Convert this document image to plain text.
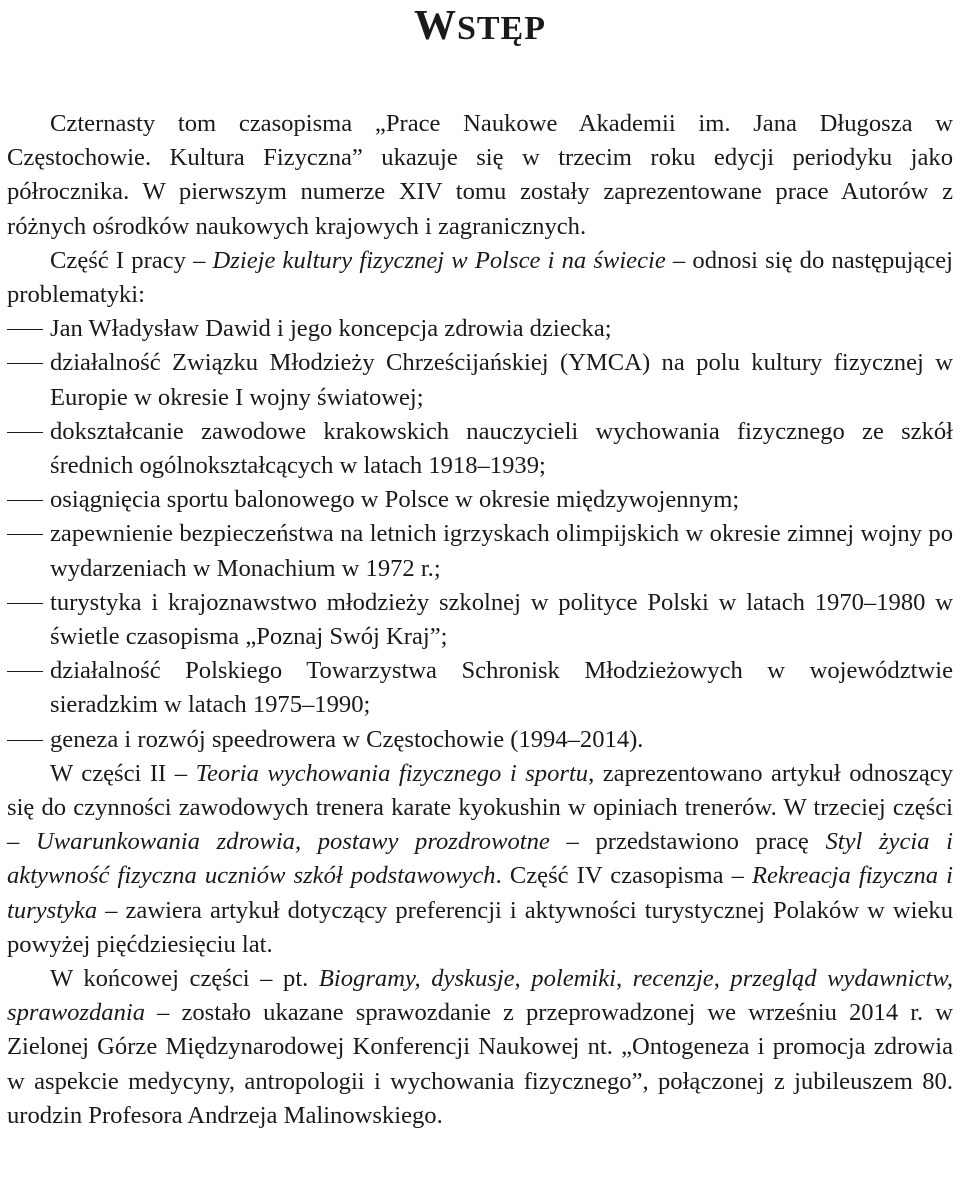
WSTĘP

Czternasty tom czasopisma „Prace Naukowe Akademii im. Jana Długosza w Częstochowie. Kultura Fizyczna” ukazuje się w trzecim roku edycji periodyku jako półrocznika. W pierwszym numerze XIV tomu zostały zaprezentowane prace Autorów z różnych ośrodków naukowych krajowych i zagranicznych.

Część I pracy – Dzieje kultury fizycznej w Polsce i na świecie – odnosi się do następującej problematyki:

Jan Władysław Dawid i jego koncepcja zdrowia dziecka;

działalność Związku Młodzieży Chrześcijańskiej (YMCA) na polu kultury fizycznej w Europie w okresie I wojny światowej;

dokształcanie zawodowe krakowskich nauczycieli wychowania fizycznego ze szkół średnich ogólnokształcących w latach 1918–1939;

osiągnięcia sportu balonowego w Polsce w okresie międzywojennym;

zapewnienie bezpieczeństwa na letnich igrzyskach olimpijskich w okresie zimnej wojny po wydarzeniach w Monachium w 1972 r.;

turystyka i krajoznawstwo młodzieży szkolnej w polityce Polski w latach 1970–1980 w świetle czasopisma „Poznaj Swój Kraj”;

działalność Polskiego Towarzystwa Schronisk Młodzieżowych w województwie sieradzkim w latach 1975–1990;

geneza i rozwój speedrowera w Częstochowie (1994–2014).

W części II – Teoria wychowania fizycznego i sportu, zaprezentowano artykuł odnoszący się do czynności zawodowych trenera karate kyokushin w opiniach trenerów. W trzeciej części – Uwarunkowania zdrowia, postawy prozdrowotne – przedstawiono pracę Styl życia i aktywność fizyczna uczniów szkół podstawowych. Część IV czasopisma – Rekreacja fizyczna i turystyka – zawiera artykuł dotyczący preferencji i aktywności turystycznej Polaków w wieku powyżej pięćdziesięciu lat.

W końcowej części – pt. Biogramy, dyskusje, polemiki, recenzje, przegląd wydawnictw, sprawozdania – zostało ukazane sprawozdanie z przeprowadzonej we wrześniu 2014 r. w Zielonej Górze Międzynarodowej Konferencji Naukowej nt. „Ontogeneza i promocja zdrowia w aspekcie medycyny, antropologii i wychowania fizycznego”, połączonej z jubileuszem 80. urodzin Profesora Andrzeja Malinowskiego.
